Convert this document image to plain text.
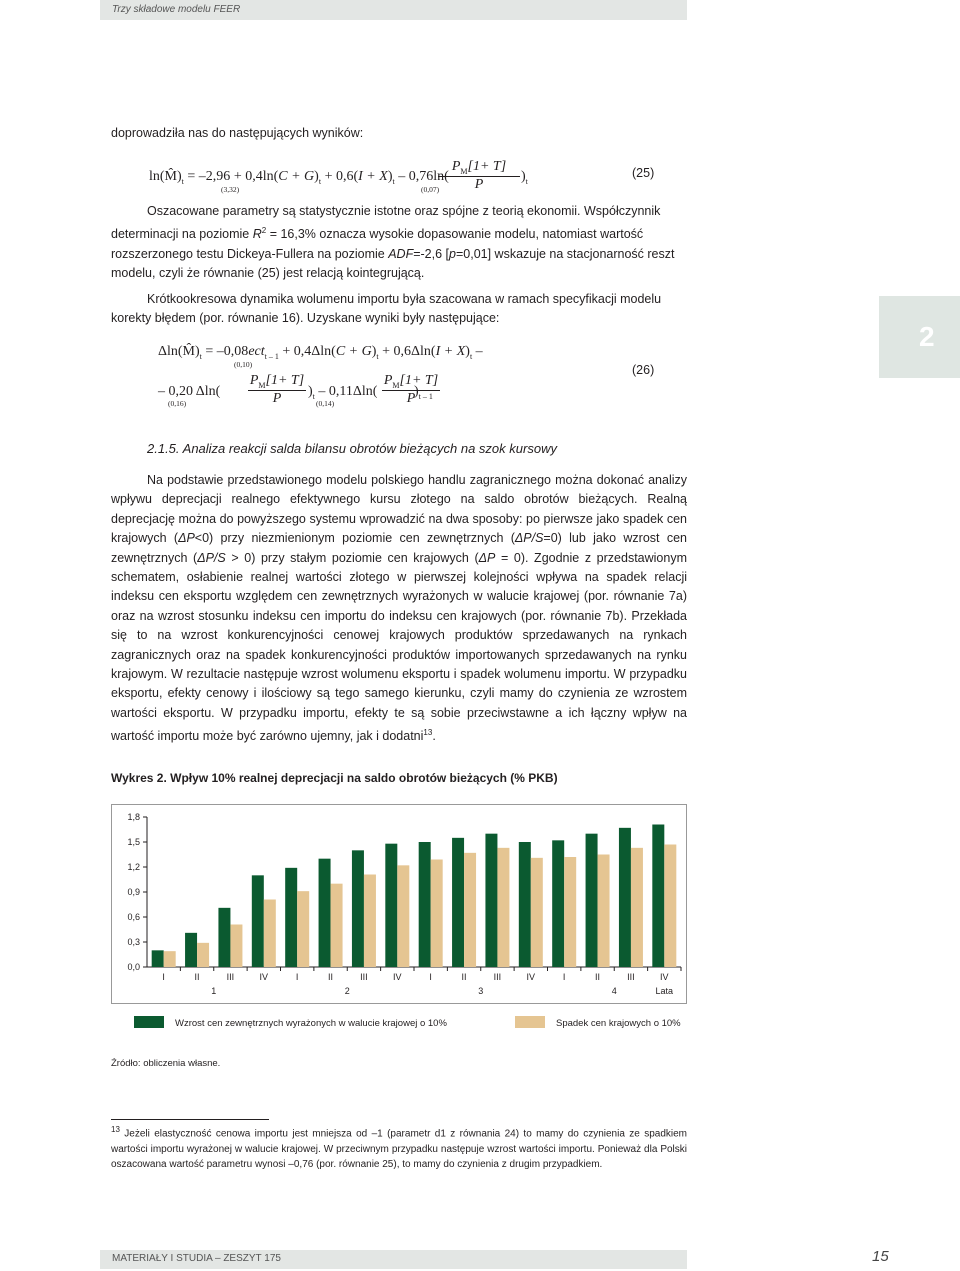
Trzy składowe modelu FEER
2
doprowadziła nas do następujących wyników:
$\ln(M̂)_t = -2,96 + 0,4\ln(C + G)_t + 0,6(I + X)_t - 0,76\ln$(
$P_M[1+ T]$
P
)$_t$
(3,32)	(0,07)
(25)
Oszacowane parametry są statystycznie istotne oraz spójne z teorią ekonomii. Współczynnik determinacji na poziomie $R^2 = 16,3\%$ oznacza wysokie dopasowanie modelu, natomiast wartość rozszerzonego testu Dickeya-Fullera na poziomie ADF=-2,6 [p=0,01] wskazuje na stacjonarność reszt modelu, czyli że równanie (25) jest relacją kointegrującą.
Krótkookresowa dynamika wolumenu importu była szacowana w ramach specyfikacji modelu korekty błędem (por. równanie 16). Uzyskane wyniki były następujące:
$\Delta\ln(M̂)_t = -0,08ect_{t - 1} + 0,4\Delta\ln(C + G)_t + 0,6\Delta\ln(I + X)_t$ –
(0,10)
– 0,20 Δln(
$P_M[1+ T]$
P	)$_t - 0,11\Delta\ln$(
$P_M[1+ T]$
P
)$_{t - 1}$
(0,16)	(0,14)
(26)
2.1.5. Analiza reakcji salda bilansu obrotów bieżących na szok kursowy
Na podstawie przedstawionego modelu polskiego handlu zagranicznego można dokonać analizy wpływu deprecjacji realnego efektywnego kursu złotego na saldo obrotów bieżących. Realną deprecjację można do powyższego systemu wprowadzić na dwa sposoby: po pierwsze jako spadek cen krajowych (ΔP<0) przy niezmienionym poziomie cen zewnętrznych (ΔP/S=0) lub jako wzrost cen zewnętrznych (ΔP/S > 0) przy stałym poziomie cen krajowych (ΔP = 0). Zgodnie z przedstawionym schematem, osłabienie realnej wartości złotego w pierwszej kolejności wpływa na spadek relacji indeksu cen eksportu względem cen zewnętrznych wyrażonych w walucie krajowej (por. równanie 7a) oraz na wzrost stosunku indeksu cen importu do indeksu cen krajowych (por. równanie 7b). Przekłada się to na wzrost konkurencyjności cenowej krajowych produktów sprzedawanych na rynkach zagranicznych oraz na spadek konkurencyjności produktów importowanych sprzedawanych na rynku krajowym. W rezultacie następuje wzrost wolumenu eksportu i spadek wolumenu importu. W przypadku eksportu, efekty cenowy i ilościowy są tego samego kierunku, czyli mamy do czynienia ze wzrostem wartości eksportu. W przypadku importu, efekty te są sobie przeciwstawne a ich łączny wpływ na wartość importu może być zarówno ujemny, jak i dodatni$^{13}$.
Wykres 2. Wpływ 10% realnej deprecjacji na saldo obrotów bieżących (% PKB)
0,0
0,3
0,6
0,9
1,2
1,5
1,8
I	II	III	IV	I	II	III	IV	I	II	III	IV	I	II	III	IV
1	2	3	4	Lata
Wzrost cen zewnętrznych wyrażonych w walucie krajowej o 10%	Spadek cen krajowych o 10%
Źródło: obliczenia własne.
$^{13}$ Jeżeli elastyczność cenowa importu jest mniejsza od –1 (parametr d1 z równania 24) to mamy do czynienia ze spadkiem wartości importu wyrażonej w walucie krajowej. W przeciwnym przypadku następuje wzrost wartości importu. Ponieważ dla Polski oszacowana wartość parametru wynosi –0,76 (por. równanie 25), to mamy do czynienia z drugim przypadkiem.
MATERIAŁY I STUDIA – ZESZYT 175	15
